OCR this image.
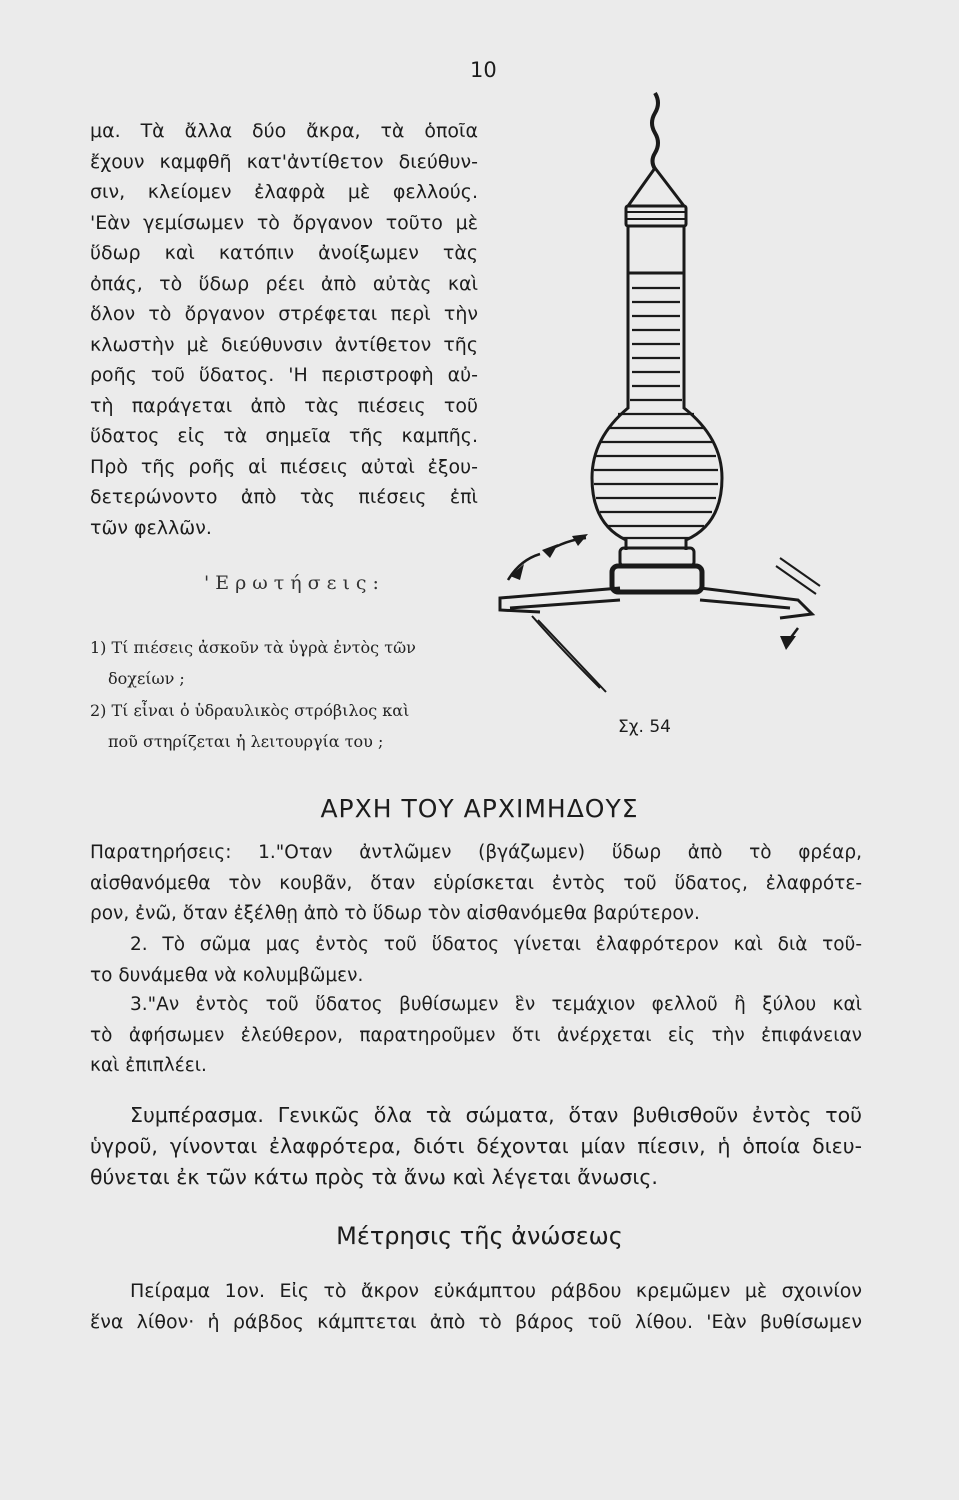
10
μα. Τὰ ἄλλα δύο ἄκρα, τὰ ὁποῖα
ἔχουν καμφθῆ κατ'ἀντίθετον διεύθυν-
σιν, κλείομεν ἐλαφρὰ μὲ φελλούς.
'Εὰν γεμίσωμεν τὸ ὄργανον τοῦτο μὲ
ὕδωρ καὶ κατόπιν ἀνοίξωμεν τὰς
ὀπάς, τὸ ὕδωρ ρέει ἀπὸ αὐτὰς καὶ
ὅλον τὸ ὄργανον στρέφεται περὶ τὴν
κλωστὴν μὲ διεύθυνσιν ἀντίθετον τῆς
ροῆς τοῦ ὕδατος. 'Η περιστροφὴ αὐ-
τὴ παράγεται ἀπὸ τὰς πιέσεις τοῦ
ὕδατος εἰς τὰ σημεῖα τῆς καμπῆς.
Πρὸ τῆς ροῆς αἱ πιέσεις αὐταὶ ἐξου-
δετερώνοντο ἀπὸ τὰς πιέσεις ἐπὶ
τῶν φελλῶν.
'Ερωτήσεις:
1) Τί πιέσεις ἀσκοῦν τὰ ὑγρὰ ἐντὸς τῶν
δοχείων ;
2) Τί εἶναι ὁ ὑδραυλικὸς στρόβιλος καὶ
ποῦ στηρίζεται ἡ λειτουργία του ;
Σχ. 54
ΑΡΧΗ ΤΟΥ ΑΡΧΙΜΗΔΟΥΣ
Παρατηρήσεις: 1."Οταν ἀντλῶμεν (βγάζωμεν) ὕδωρ ἀπὸ τὸ φρέαρ,
αἰσθανόμεθα τὸν κουβᾶν, ὅταν εὑρίσκεται ἐντὸς τοῦ ὕδατος, ἐλαφρότε-
ρον, ἐνῶ, ὅταν ἐξέλθῃ ἀπὸ τὸ ὕδωρ τὸν αἰσθανόμεθα βαρύτερον.
2. Τὸ σῶμα μας ἐντὸς τοῦ ὕδατος γίνεται ἐλαφρότερον καὶ διὰ τοῦ-
το δυνάμεθα νὰ κολυμβῶμεν.
3."Αν ἐντὸς τοῦ ὕδατος βυθίσωμεν ἓν τεμάχιον φελλοῦ ἢ ξύλου καὶ
τὸ ἀφήσωμεν ἐλεύθερον, παρατηροῦμεν ὅτι ἀνέρχεται εἰς τὴν ἐπιφάνειαν
καὶ ἐπιπλέει.
Συμπέρασμα. Γενικῶς ὅλα τὰ σώματα, ὅταν βυθισθοῦν ἐντὸς τοῦ
ὑγροῦ, γίνονται ἐλαφρότερα, διότι δέχονται μίαν πίεσιν, ἡ ὁποία διευ-
θύνεται ἐκ τῶν κάτω πρὸς τὰ ἄνω καὶ λέγεται ἄνωσις.
Μέτρησις τῆς ἀνώσεως
Πείραμα 1ον. Εἰς τὸ ἄκρον εὐκάμπτου ράβδου κρεμῶμεν μὲ σχοινίον
ἕνα λίθον· ἡ ράβδος κάμπτεται ἀπὸ τὸ βάρος τοῦ λίθου. 'Εὰν βυθίσωμεν
